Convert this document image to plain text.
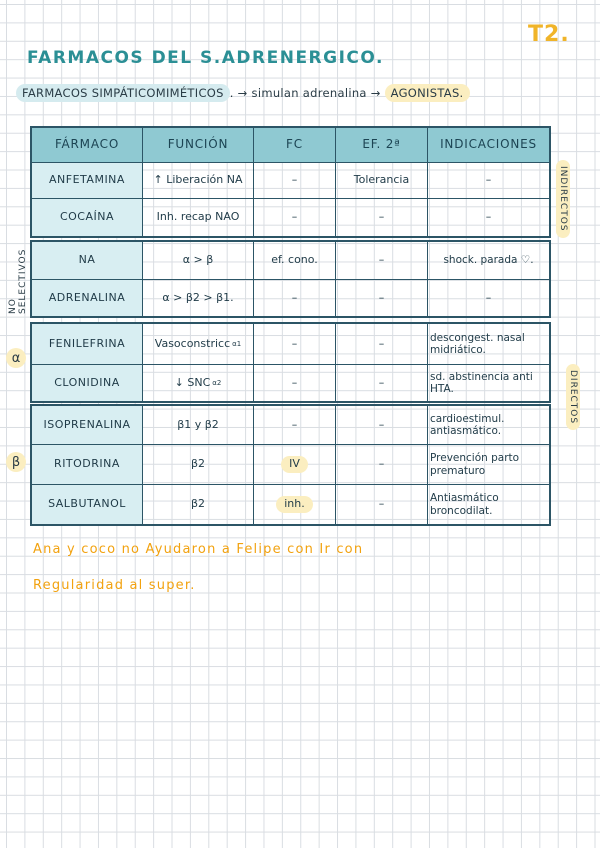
T2.
FARMACOS DEL S.ADRENERGICO.
FARMACOS SIMPÁTICOMIMÉTICOS . → simulan adrenalina → AGONISTAS.
FÁRMACO	FUNCIÓN	FC	EF. 2ª	INDICACIONES
ANFETAMINA	↑ Liberación NA	–	Tolerancia	–
COCAÍNA	Inh. recap NAO	–	–	–
NA	α > β	ef. cono.	–	shock. parada ♡.
ADRENALINA	α > β2 > β1.	–	–	–
FENILEFRINA	Vasoconstricc α1	–	–	descongest. nasal midriático.
CLONIDINA	↓ SNC α2	–	–	sd. abstinencia anti HTA.
ISOPRENALINA	β1 y β2	–	–	cardioestimul. antiasmático.
RITODRINA	β2	IV	–	Prevención parto prematuro
SALBUTANOL	β2	inh.	–	Antiasmático broncodilat.
NO SELECTIVOS
α
β
INDIRECTOS
DIRECTOS
Ana y coco no Ayudaron a Felipe con Ir con
Regularidad al super.
